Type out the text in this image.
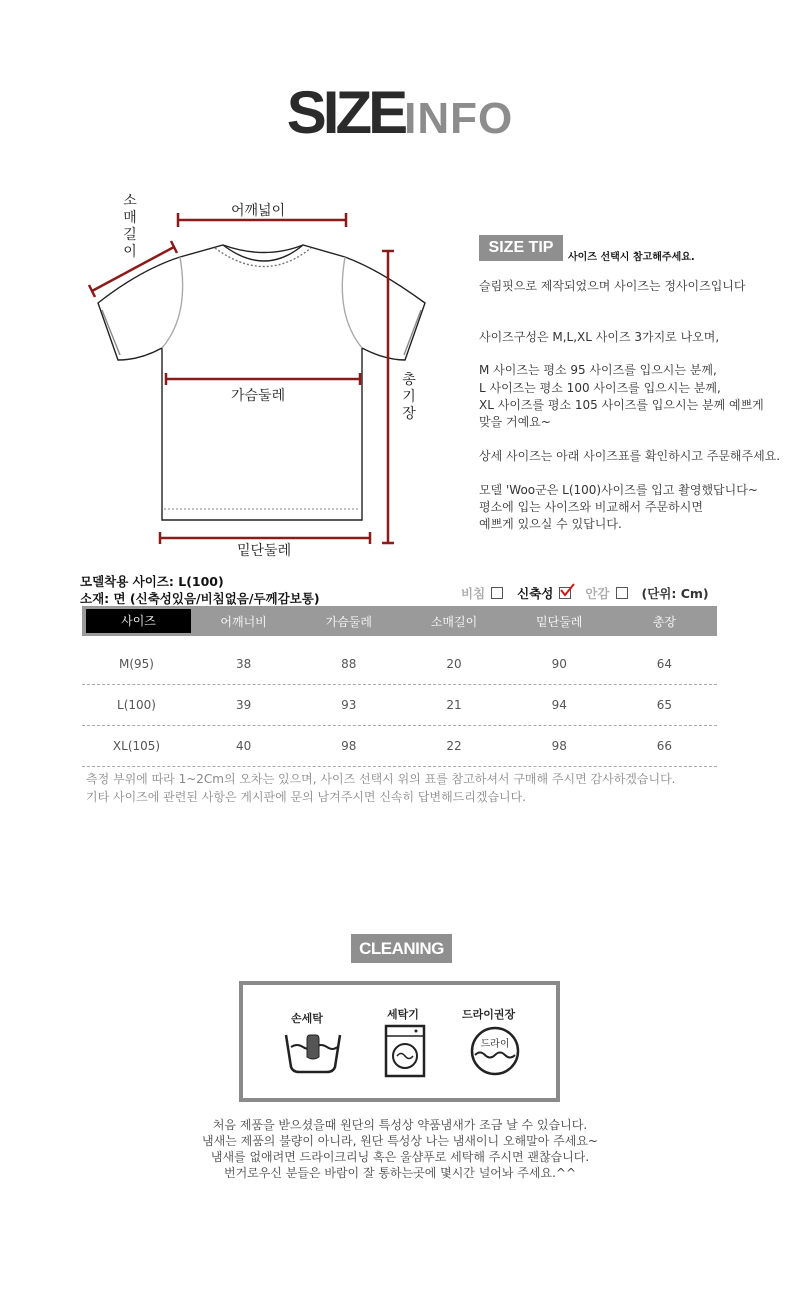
SIZEINFO
소
매
길
이
어깨넓이
가슴둘레
총
기
장
밑단둘레
SIZE TIP
사이즈 선택시 참고해주세요.
슬림핏으로 제작되었으며 사이즈는 정사이즈입니다
사이즈구성은 M,L,XL 사이즈 3가지로 나오며,
M 사이즈는 평소 95 사이즈를 입으시는 분께,
L 사이즈는 평소 100 사이즈를 입으시는 분께,
XL 사이즈를 평소 105 사이즈를 입으시는 분께 예쁘게
맞을 거예요~
상세 사이즈는 아래 사이즈표를 확인하시고 주문해주세요.
모델 'Woo군은 L(100)사이즈를 입고 촬영했답니다~
평소에 입는 사이즈와 비교해서 주문하시면
예쁘게 있으실 수 있답니다.
모델착용 사이즈: L(100)
소재: 면 (신축성있음/비침없음/두께감보통)	비침	신축성	안감	(단위: Cm)
사이즈	어깨너비	가슴둘레	소매길이	밑단둘레	총장
M(95)	38	88	20	90	64
L(100)	39	93	21	94	65
XL(105)	40	98	22	98	66
측정 부위에 따라 1~2Cm의 오차는 있으며, 사이즈 선택시 위의 표를 참고하셔서 구매해 주시면 감사하겠습니다.
기타 사이즈에 관련된 사항은 게시판에 문의 남겨주시면 신속히 답변해드리겠습니다.
CLEANING
손세탁	세탁기	드라이권장
드라이
처음 제품을 받으셨을때 원단의 특성상 약품냄새가 조금 날 수 있습니다.
냄새는 제품의 불량이 아니라, 원단 특성상 나는 냄새이니 오해말아 주세요~
냄새를 없애려면 드라이크리닝 혹은 울샴푸로 세탁해 주시면 괜찮습니다.
번거로우신 분들은 바람이 잘 통하는곳에 몇시간 널어놔 주세요.^^
